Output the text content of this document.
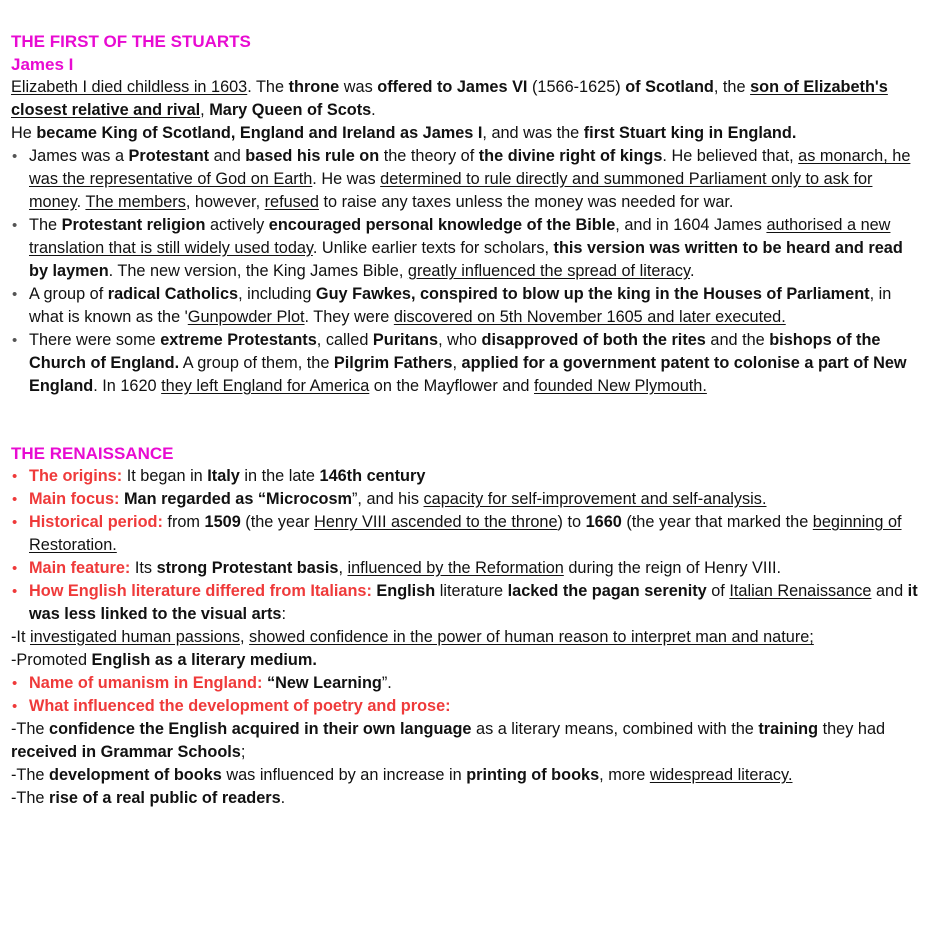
THE FIRST OF THE STUARTS
James I

Elizabeth I died childless in 1603. The throne was offered to James VI (1566-1625) of Scotland, the son of Elizabeth's closest relative and rival, Mary Queen of Scots.

He became King of Scotland, England and Ireland as James I, and was the first Stuart king in England.

• James was a Protestant and based his rule on the theory of the divine right of kings. He believed that, as monarch, he was the representative of God on Earth. He was determined to rule directly and summoned Parliament only to ask for money. The members, however, refused to raise any taxes unless the money was needed for war.
• The Protestant religion actively encouraged personal knowledge of the Bible, and in 1604 James authorised a new translation that is still widely used today. Unlike earlier texts for scholars, this version was written to be heard and read by laymen. The new version, the King James Bible, greatly influenced the spread of literacy.
• A group of radical Catholics, including Guy Fawkes, conspired to blow up the king in the Houses of Parliament, in what is known as the 'Gunpowder Plot. They were discovered on 5th November 1605 and later executed.
• There were some extreme Protestants, called Puritans, who disapproved of both the rites and the bishops of the Church of England. A group of them, the Pilgrim Fathers, applied for a government patent to colonise a part of New England. In 1620 they left England for America on the Mayflower and founded New Plymouth.
THE RENAISSANCE
• The origins: It began in Italy in the late 146th century
• Main focus: Man regarded as “Microcosm”, and his capacity for self-improvement and self-analysis.
• Historical period: from 1509 (the year Henry VIII ascended to the throne) to 1660 (the year that marked the beginning of Restoration.
• Main feature: Its strong Protestant basis, influenced by the Reformation during the reign of Henry VIII.
• How English literature differed from Italians: English literature lacked the pagan serenity of Italian Renaissance and it was less linked to the visual arts:

-It investigated human passions, showed confidence in the power of human reason to interpret man and nature;

-Promoted English as a literary medium.

• Name of umanism in England: “New Learning”.
• What influenced the development of poetry and prose:

-The confidence the English acquired in their own language as a literary means, combined with the training they had received in Grammar Schools;

-The development of books was influenced by an increase in printing of books, more widespread literacy.

-The rise of a real public of readers.
